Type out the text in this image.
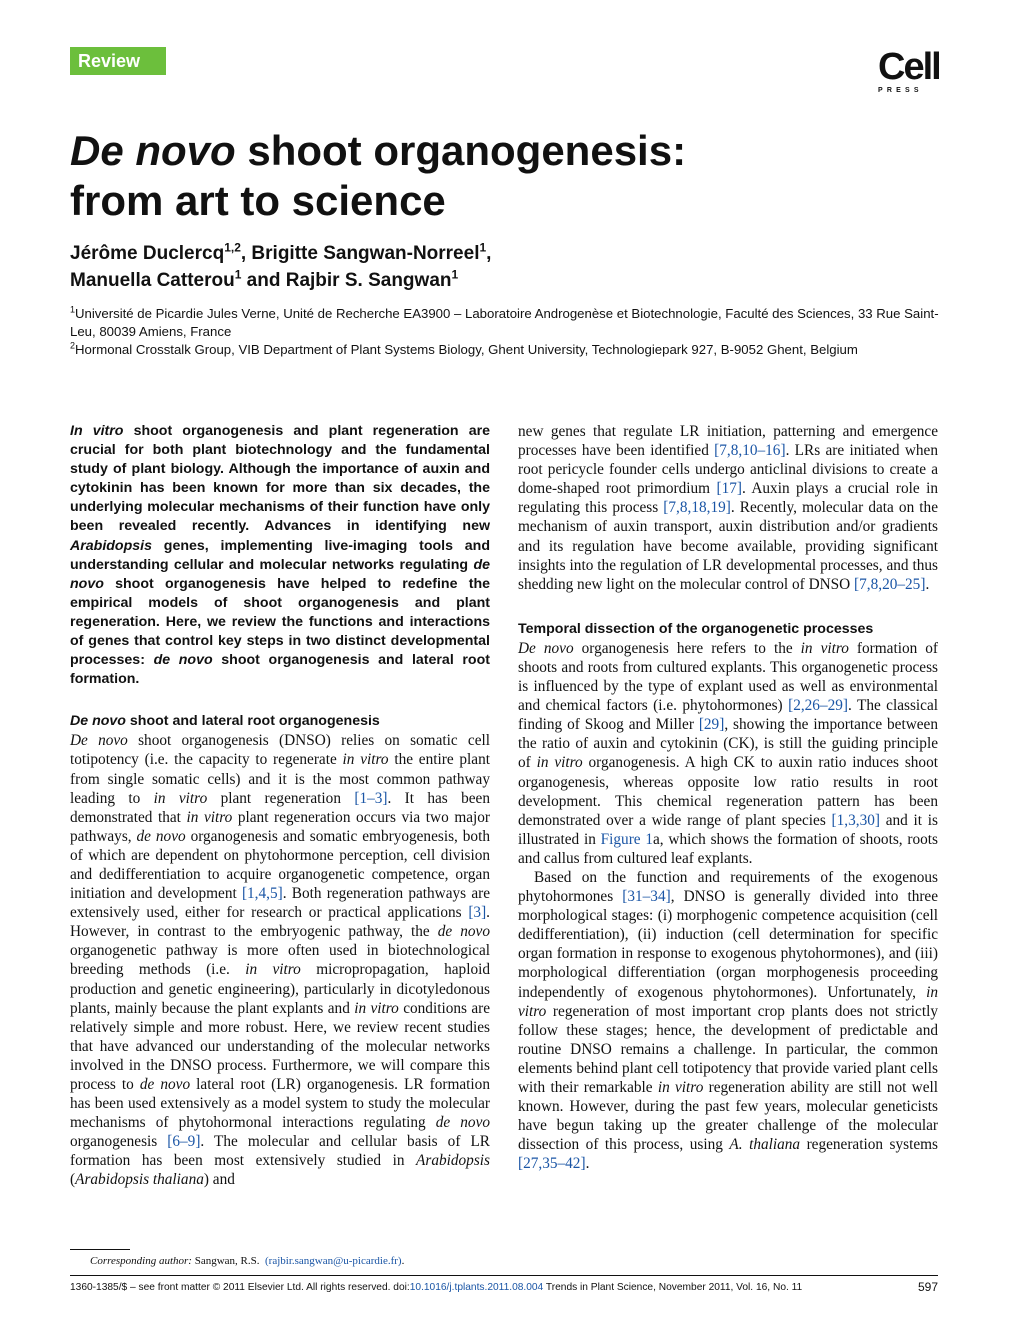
Review	Cell
PRESS
De novo shoot organogenesis:
from art to science
Jérôme Duclercq$^{1,2}$, Brigitte Sangwan-Norreel$^1$,
Manuella Catterou$^1$ and Rajbir S. Sangwan$^1$

$^1$Université de Picardie Jules Verne, Unité de Recherche EA3900 – Laboratoire Androgenèse et Biotechnologie, Faculté des Sciences, 33 Rue Saint-Leu, 80039 Amiens, France

$^2$Hormonal Crosstalk Group, VIB Department of Plant Systems Biology, Ghent University, Technologiepark 927, B-9052 Ghent, Belgium

In vitro shoot organogenesis and plant regeneration are crucial for both plant biotechnology and the fundamental study of plant biology. Although the importance of auxin and cytokinin has been known for more than six decades, the underlying molecular mechanisms of their function have only been revealed recently. Advances in identifying new Arabidopsis genes, implementing live-imaging tools and understanding cellular and molecular networks regulating de novo shoot organogenesis have helped to redefine the empirical models of shoot organogenesis and plant regeneration. Here, we review the functions and interactions of genes that control key steps in two distinct developmental processes: de novo shoot organogenesis and lateral root formation.

De novo shoot and lateral root organogenesis

De novo shoot organogenesis (DNSO) relies on somatic cell totipotency (i.e. the capacity to regenerate in vitro the entire plant from single somatic cells) and it is the most common pathway leading to in vitro plant regeneration [1–3]. It has been demonstrated that in vitro plant regeneration occurs via two major pathways, de novo organogenesis and somatic embryogenesis, both of which are dependent on phytohormone perception, cell division and dedifferentiation to acquire organogenetic competence, organ initiation and development [1,4,5]. Both regeneration pathways are extensively used, either for research or practical applications [3]. However, in contrast to the embryogenic pathway, the de novo organogenetic pathway is more often used in biotechnological breeding methods (i.e. in vitro micropropagation, haploid production and genetic engineering), particularly in dicotyledonous plants, mainly because the plant explants and in vitro conditions are relatively simple and more robust. Here, we review recent studies that have advanced our understanding of the molecular networks involved in the DNSO process. Furthermore, we will compare this process to de novo lateral root (LR) organogenesis. LR formation has been used extensively as a model system to study the molecular mechanisms of phytohormonal interactions regulating de novo organogenesis [6–9]. The molecular and cellular basis of LR formation has been most extensively studied in Arabidopsis (Arabidopsis thaliana) and

new genes that regulate LR initiation, patterning and emergence processes have been identified [7,8,10–16]. LRs are initiated when root pericycle founder cells undergo anticlinal divisions to create a dome-shaped root primordium [17]. Auxin plays a crucial role in regulating this process [7,8,18,19]. Recently, molecular data on the mechanism of auxin transport, auxin distribution and/or gradients and its regulation have become available, providing significant insights into the regulation of LR developmental processes, and thus shedding new light on the molecular control of DNSO [7,8,20–25].

Temporal dissection of the organogenetic processes

De novo organogenesis here refers to the in vitro formation of shoots and roots from cultured explants. This organogenetic process is influenced by the type of explant used as well as environmental and chemical factors (i.e. phytohormones) [2,26–29]. The classical finding of Skoog and Miller [29], showing the importance between the ratio of auxin and cytokinin (CK), is still the guiding principle of in vitro organogenesis. A high CK to auxin ratio induces shoot organogenesis, whereas opposite low ratio results in root development. This chemical regeneration pattern has been demonstrated over a wide range of plant species [1,3,30] and it is illustrated in Figure 1a, which shows the formation of shoots, roots and callus from cultured leaf explants.

Based on the function and requirements of the exogenous phytohormones [31–34], DNSO is generally divided into three morphological stages: (i) morphogenic competence acquisition (cell dedifferentiation), (ii) induction (cell determination for specific organ formation in response to exogenous phytohormones), and (iii) morphological differentiation (organ morphogenesis proceeding independently of exogenous phytohormones). Unfortunately, in vitro regeneration of most important crop plants does not strictly follow these stages; hence, the development of predictable and routine DNSO remains a challenge. In particular, the common elements behind plant cell totipotency that provide varied plant cells with their remarkable in vitro regeneration ability are still not well known. However, during the past few years, molecular geneticists have begun taking up the greater challenge of the molecular dissection of this process, using A. thaliana regeneration systems [27,35–42].

Corresponding author: Sangwan, R.S. (rajbir.sangwan@u-picardie.fr).
1360-1385/$ – see front matter © 2011 Elsevier Ltd. All rights reserved. doi:10.1016/j.tplants.2011.08.004 Trends in Plant Science, November 2011, Vol. 16, No. 11	597
